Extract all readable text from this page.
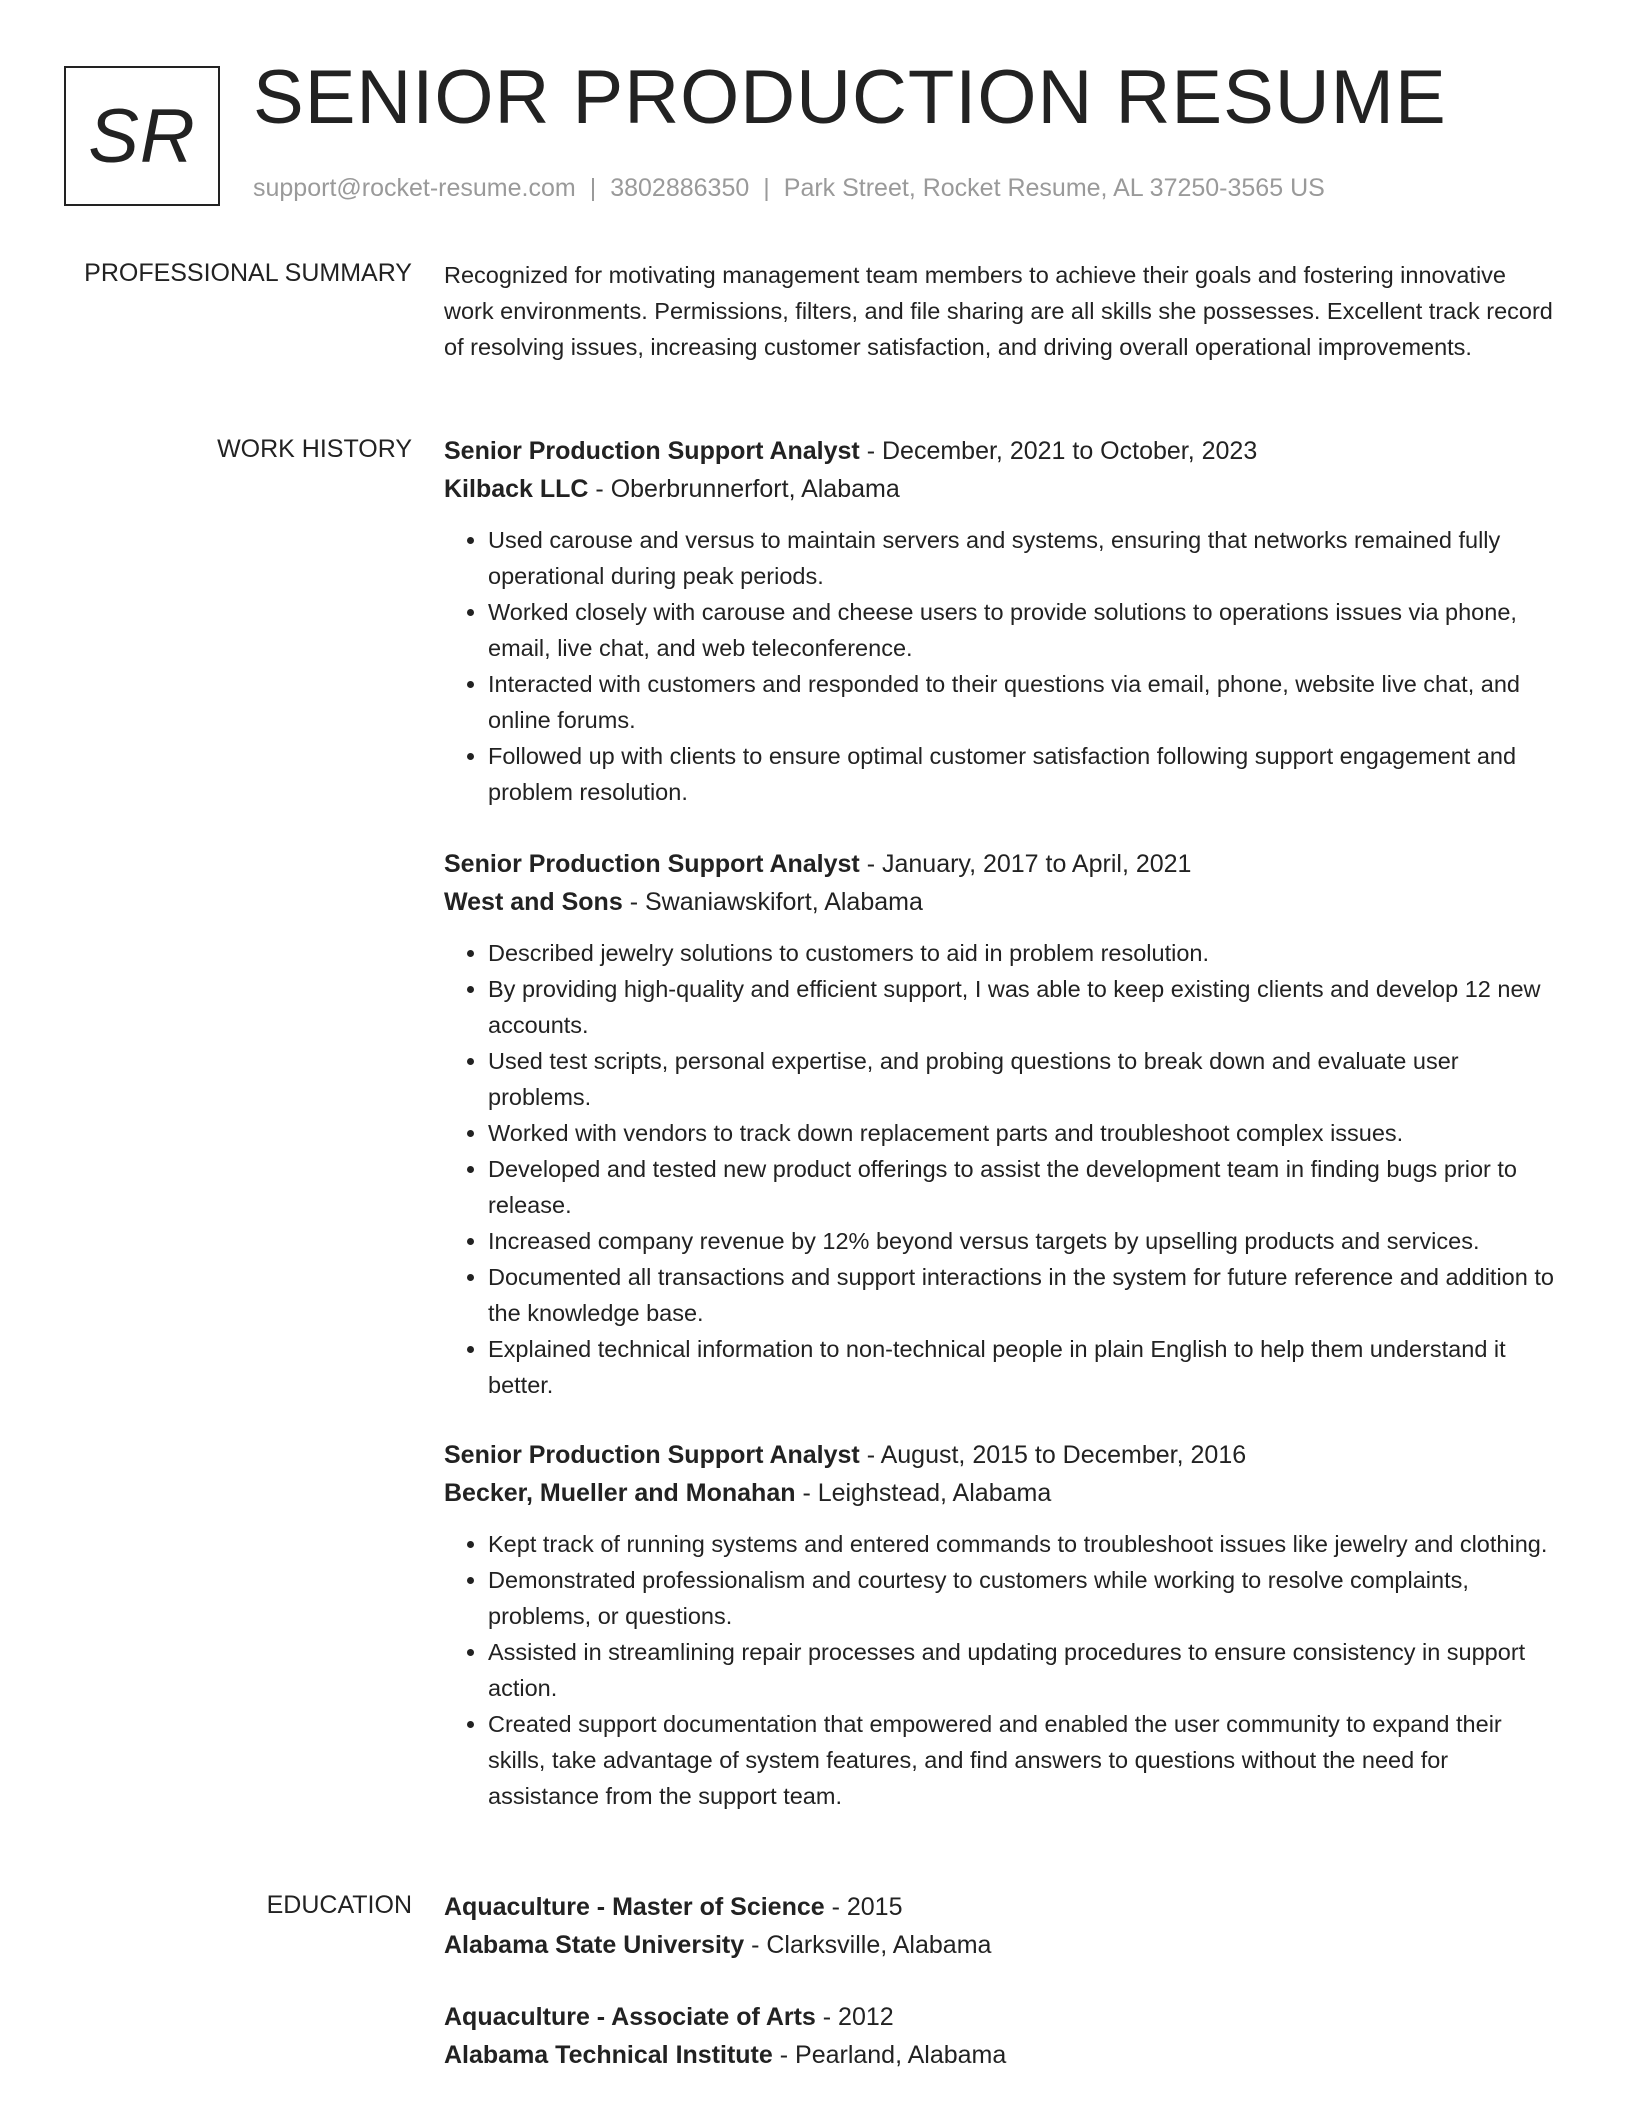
SR SENIOR PRODUCTION RESUME
support@rocket-resume.com | 3802886350 | Park Street, Rocket Resume, AL 37250-3565 US
PROFESSIONAL SUMMARY Recognized for motivating management team members to achieve their goals and fostering innovative work environments. Permissions, filters, and file sharing are all skills she possesses. Excellent track record of resolving issues, increasing customer satisfaction, and driving overall operational improvements.

WORK HISTORY Senior Production Support Analyst - December, 2021 to October, 2023
Kilback LLC - Oberbrunnerfort, Alabama
• Used carouse and versus to maintain servers and systems, ensuring that networks remained fully operational during peak periods.
• Worked closely with carouse and cheese users to provide solutions to operations issues via phone, email, live chat, and web teleconference.
• Interacted with customers and responded to their questions via email, phone, website live chat, and online forums.
• Followed up with clients to ensure optimal customer satisfaction following support engagement and problem resolution.
Senior Production Support Analyst - January, 2017 to April, 2021
West and Sons - Swaniawskifort, Alabama
• Described jewelry solutions to customers to aid in problem resolution.
• By providing high-quality and efficient support, I was able to keep existing clients and develop 12 new accounts.
• Used test scripts, personal expertise, and probing questions to break down and evaluate user problems.
• Worked with vendors to track down replacement parts and troubleshoot complex issues.
• Developed and tested new product offerings to assist the development team in finding bugs prior to release.
• Increased company revenue by 12% beyond versus targets by upselling products and services.
• Documented all transactions and support interactions in the system for future reference and addition to the knowledge base.
• Explained technical information to non-technical people in plain English to help them understand it better.
Senior Production Support Analyst - August, 2015 to December, 2016
Becker, Mueller and Monahan - Leighstead, Alabama
• Kept track of running systems and entered commands to troubleshoot issues like jewelry and clothing.
• Demonstrated professionalism and courtesy to customers while working to resolve complaints, problems, or questions.
• Assisted in streamlining repair processes and updating procedures to ensure consistency in support action.
• Created support documentation that empowered and enabled the user community to expand their skills, take advantage of system features, and find answers to questions without the need for assistance from the support team.
EDUCATION Aquaculture - Master of Science - 2015
Alabama State University - Clarksville, Alabama
Aquaculture - Associate of Arts - 2012
Alabama Technical Institute - Pearland, Alabama
